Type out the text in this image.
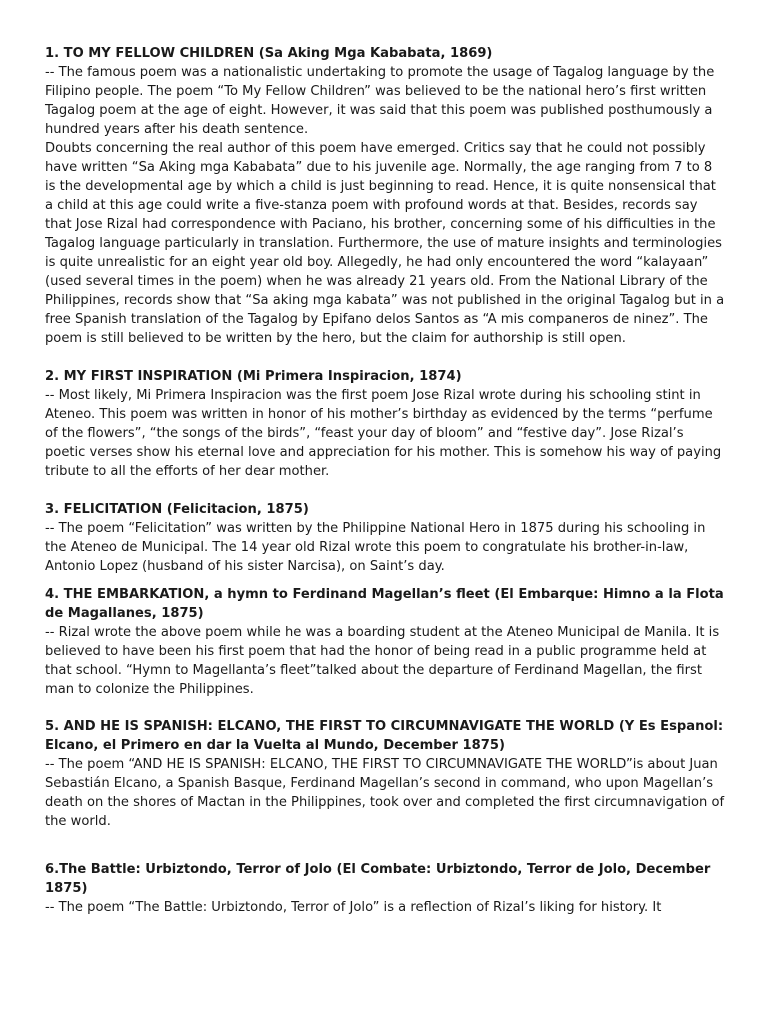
1. TO MY FELLOW CHILDREN (Sa Aking Mga Kababata, 1869)

-- The famous poem was a nationalistic undertaking to promote the usage of Tagalog language by the Filipino people. The poem “To My Fellow Children” was believed to be the national hero’s first written Tagalog poem at the age of eight. However, it was said that this poem was published posthumously a hundred years after his death sentence.

Doubts concerning the real author of this poem have emerged. Critics say that he could not possibly have written “Sa Aking mga Kababata” due to his juvenile age. Normally, the age ranging from 7 to 8 is the developmental age by which a child is just beginning to read. Hence, it is quite nonsensical that a child at this age could write a five-stanza poem with profound words at that. Besides, records say that Jose Rizal had correspondence with Paciano, his brother, concerning some of his difficulties in the Tagalog language particularly in translation. Furthermore, the use of mature insights and terminologies is quite unrealistic for an eight year old boy. Allegedly, he had only encountered the word “kalayaan” (used several times in the poem) when he was already 21 years old. From the National Library of the Philippines, records show that “Sa aking mga kabata” was not published in the original Tagalog but in a free Spanish translation of the Tagalog by Epifano delos Santos as “A mis companeros de ninez”. The poem is still believed to be written by the hero, but the claim for authorship is still open.

2. MY FIRST INSPIRATION (Mi Primera Inspiracion, 1874)

-- Most likely, Mi Primera Inspiracion was the first poem Jose Rizal wrote during his schooling stint in Ateneo. This poem was written in honor of his mother’s birthday as evidenced by the terms “perfume of the flowers”, “the songs of the birds”, “feast your day of bloom” and “festive day”. Jose Rizal’s poetic verses show his eternal love and appreciation for his mother. This is somehow his way of paying tribute to all the efforts of her dear mother.

3. FELICITATION (Felicitacion, 1875)

-- The poem “Felicitation” was written by the Philippine National Hero in 1875 during his schooling in the Ateneo de Municipal. The 14 year old Rizal wrote this poem to congratulate his brother-in-law, Antonio Lopez (husband of his sister Narcisa), on Saint’s day.

4. THE EMBARKATION, a hymn to Ferdinand Magellan’s fleet (El Embarque: Himno a la Flota de Magallanes, 1875)

-- Rizal wrote the above poem while he was a boarding student at the Ateneo Municipal de Manila. It is believed to have been his first poem that had the honor of being read in a public programme held at that school. “Hymn to Magellanta’s fleet”talked about the departure of Ferdinand Magellan, the first man to colonize the Philippines.

5. AND HE IS SPANISH: ELCANO, THE FIRST TO CIRCUMNAVIGATE THE WORLD (Y Es Espanol: Elcano, el Primero en dar la Vuelta al Mundo, December 1875)

-- The poem “AND HE IS SPANISH: ELCANO, THE FIRST TO CIRCUMNAVIGATE THE WORLD”is about Juan Sebastián Elcano, a Spanish Basque, Ferdinand Magellan’s second in command, who upon Magellan’s death on the shores of Mactan in the Philippines, took over and completed the first circumnavigation of the world.

6.The Battle: Urbiztondo, Terror of Jolo (El Combate: Urbiztondo, Terror de Jolo, December 1875)

-- The poem “The Battle: Urbiztondo, Terror of Jolo” is a reflection of Rizal’s liking for history. It
